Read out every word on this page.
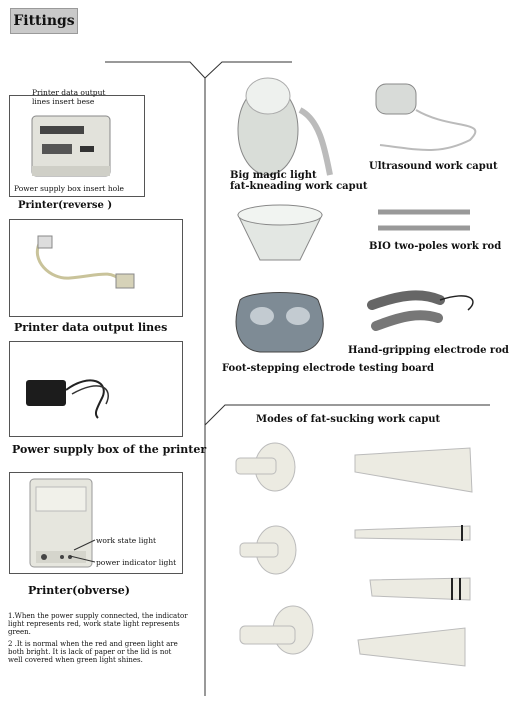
Fittings
Printer data output lines insert bese
Power supply box insert hole
Printer(reverse )
Printer data output lines
Power supply box of the printer
work state light
power indicator light
Printer(obverse)
1.When the power supply connected, the indicator light represents red, work state light represents green.
2 .It is normal when the red and green light are both bright. It is lack of paper or the lid is not well covered when green light shines.
Big magic light
fat-kneading work caput
Ultrasound work caput
BIO two-poles work rod
Hand-gripping electrode rod
Foot-stepping electrode testing board
Modes of fat-sucking work caput
